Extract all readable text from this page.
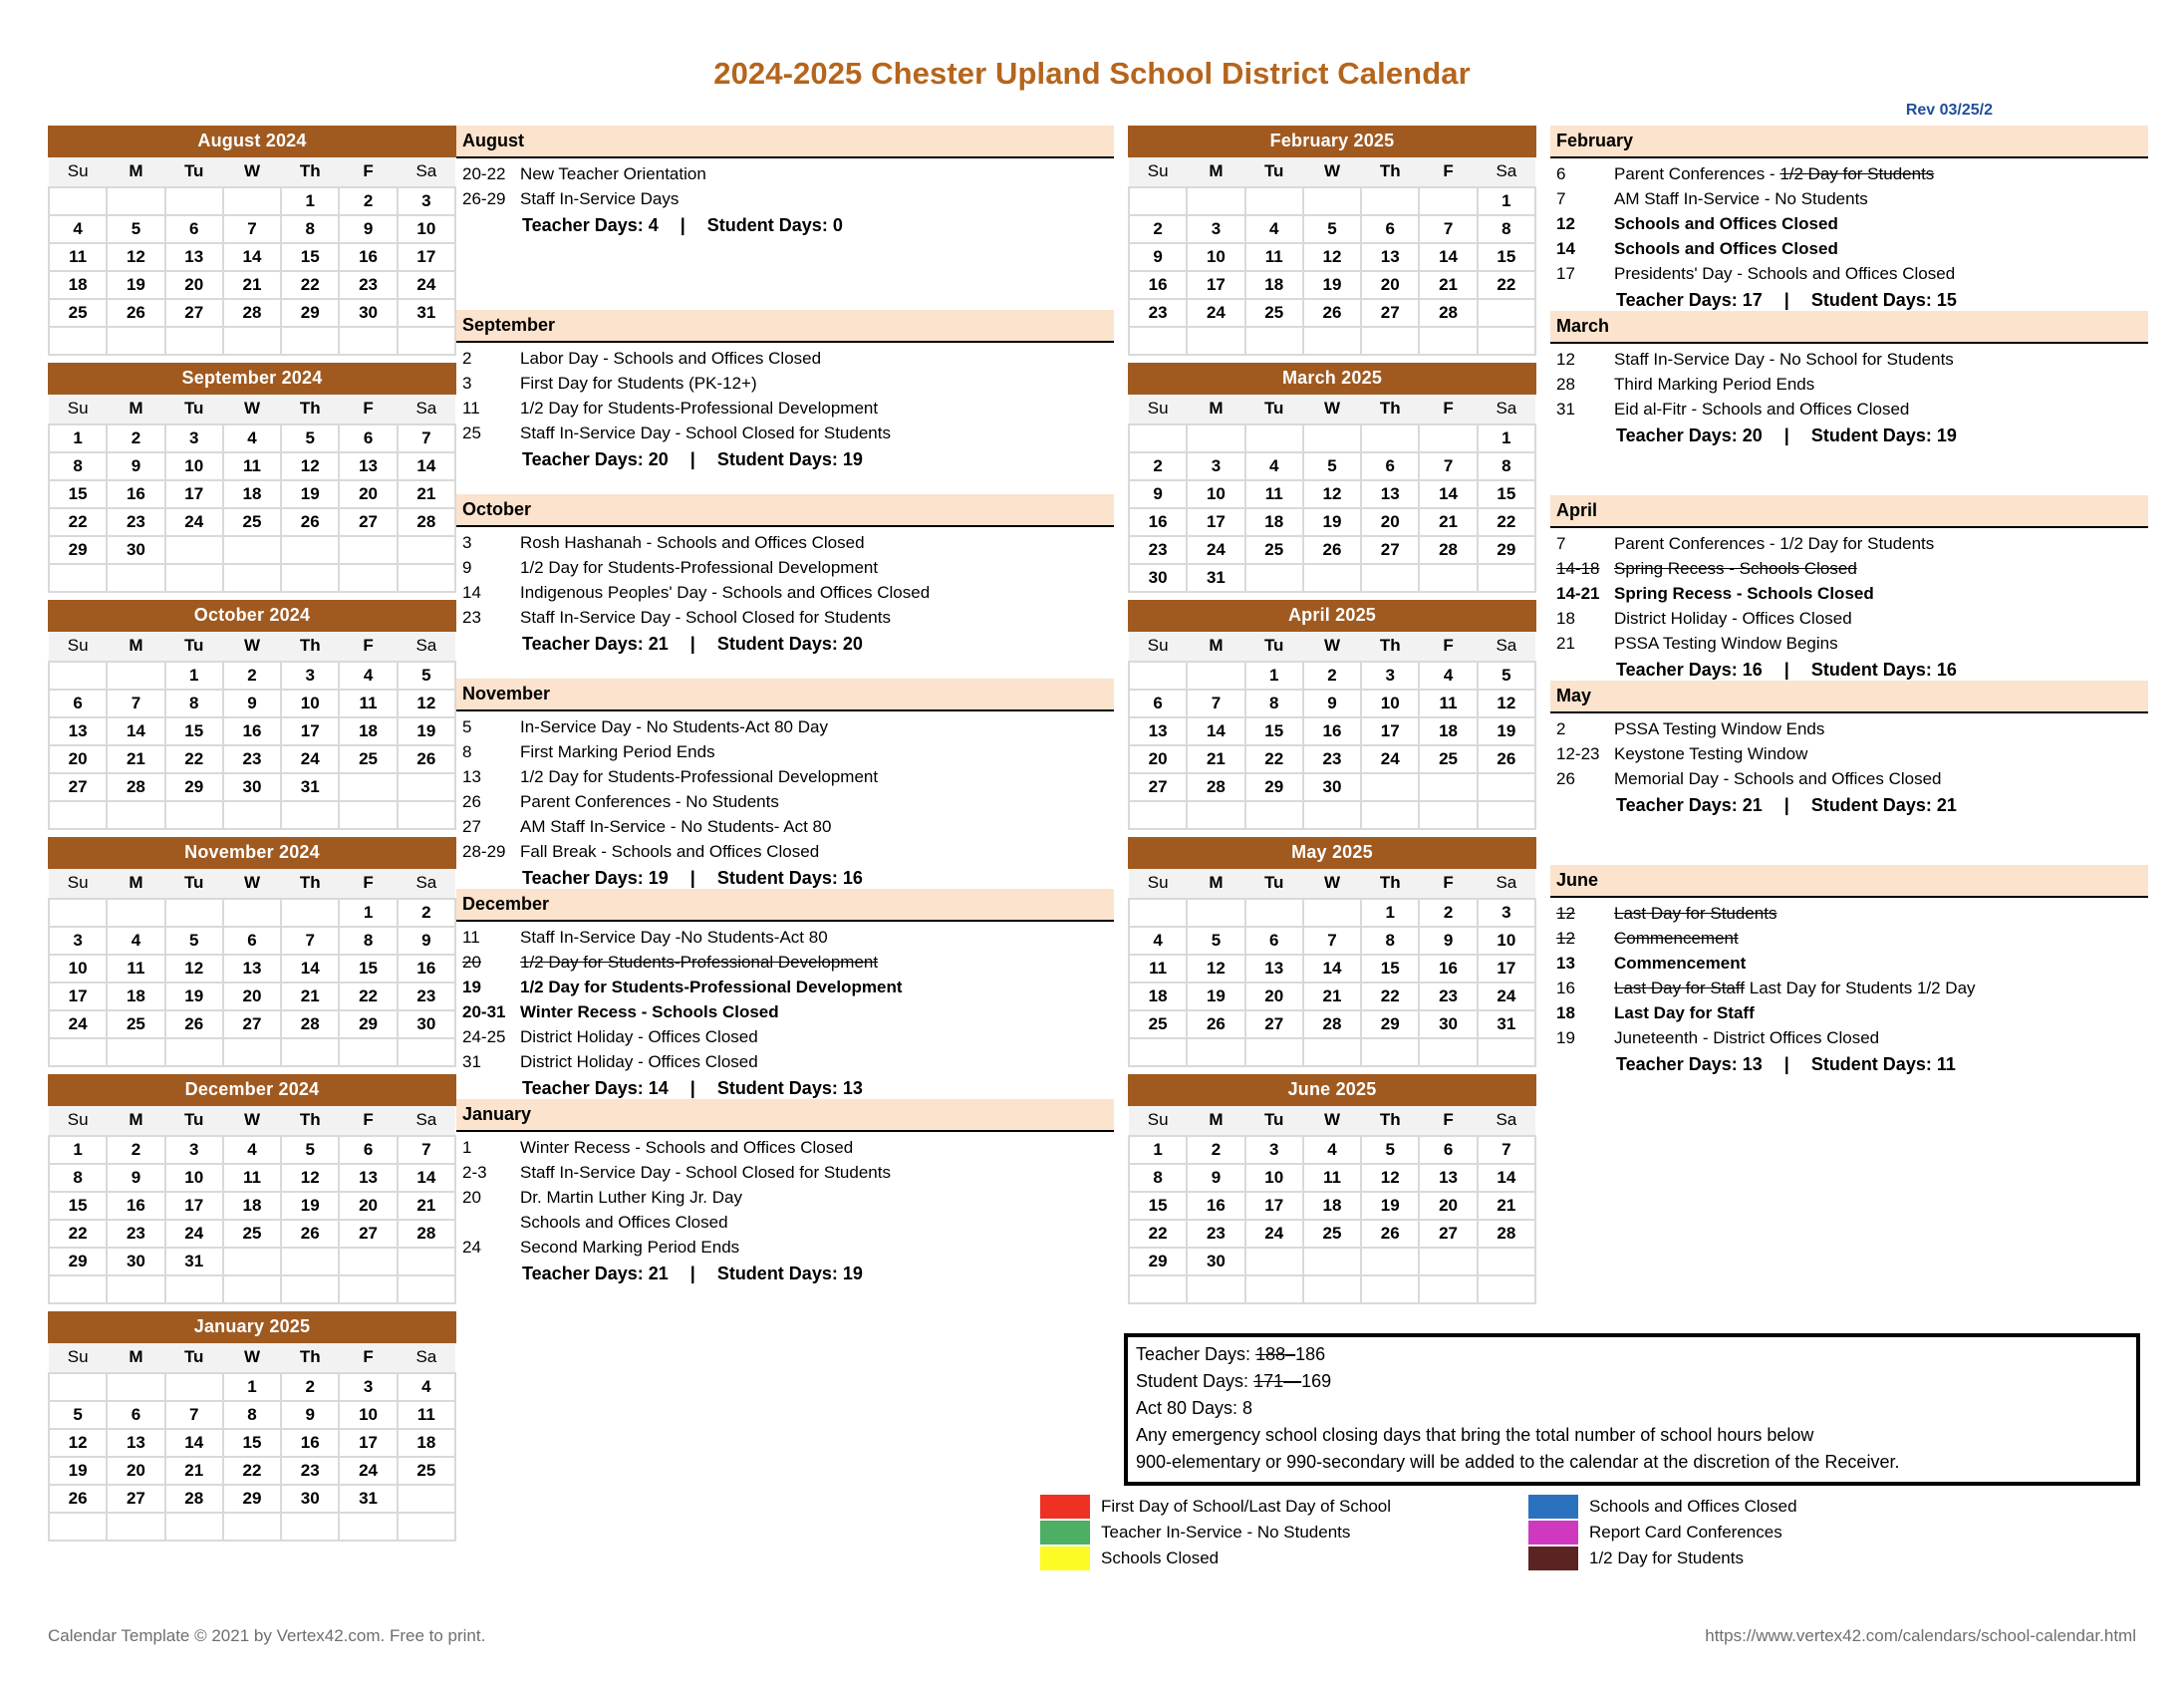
2024-2025 Chester Upland School District Calendar
Rev 03/25/2
August 2024
Su	M	Tu	W	Th	F	Sa
				1	2	3
4	5	6	7	8	9	10
11	12	13	14	15	16	17
18	19	20	21	22	23	24
25	26	27	28	29	30	31

September 2024
Su	M	Tu	W	Th	F	Sa
1	2	3	4	5	6	7
8	9	10	11	12	13	14
15	16	17	18	19	20	21
22	23	24	25	26	27	28
29	30					

October 2024
Su	M	Tu	W	Th	F	Sa
		1	2	3	4	5
6	7	8	9	10	11	12
13	14	15	16	17	18	19
20	21	22	23	24	25	26
27	28	29	30	31		

November 2024
Su	M	Tu	W	Th	F	Sa
					1	2
3	4	5	6	7	8	9
10	11	12	13	14	15	16
17	18	19	20	21	22	23
24	25	26	27	28	29	30

December 2024
Su	M	Tu	W	Th	F	Sa
1	2	3	4	5	6	7
8	9	10	11	12	13	14
15	16	17	18	19	20	21
22	23	24	25	26	27	28
29	30	31				

January 2025
Su	M	Tu	W	Th	F	Sa
			1	2	3	4
5	6	7	8	9	10	11
12	13	14	15	16	17	18
19	20	21	22	23	24	25
26	27	28	29	30	31	

August
20-22 New Teacher Orientation
26-29 Staff In-Service Days
Teacher Days: 4	|	Student Days: 0
September
2	Labor Day - Schools and Offices Closed
3	First Day for Students (PK-12+)
11	1/2 Day for Students-Professional Development
25	Staff In-Service Day - School Closed for Students
Teacher Days: 20	|	Student Days: 19
October
3	Rosh Hashanah - Schools and Offices Closed
9	1/2 Day for Students-Professional Development
14	Indigenous Peoples' Day - Schools and Offices Closed
23	Staff In-Service Day - School Closed for Students
Teacher Days: 21	|	Student Days: 20
November
5	In-Service Day - No Students-Act 80 Day
8	First Marking Period Ends
13	1/2 Day for Students-Professional Development
26	Parent Conferences - No Students
27	AM Staff In-Service - No Students- Act 80
28-29 Fall Break - Schools and Offices Closed
Teacher Days: 19	|	Student Days: 16
December
11	Staff In-Service Day -No Students-Act 80
20	1/2 Day for Students-Professional Development
19	1/2 Day for Students-Professional Development
20-31 Winter Recess - Schools Closed
24-25 District Holiday - Offices Closed
31	District Holiday - Offices Closed
Teacher Days: 14	|	Student Days: 13
January
1	Winter Recess - Schools and Offices Closed
2-3	Staff In-Service Day - School Closed for Students
20	Dr. Martin Luther King Jr. Day
Schools and Offices Closed
24	Second Marking Period Ends
Teacher Days: 21	|	Student Days: 19
February 2025
Su	M	Tu	W	Th	F	Sa
						1
2	3	4	5	6	7	8
9	10	11	12	13	14	15
16	17	18	19	20	21	22
23	24	25	26	27	28	

March 2025
Su	M	Tu	W	Th	F	Sa
						1
2	3	4	5	6	7	8
9	10	11	12	13	14	15
16	17	18	19	20	21	22
23	24	25	26	27	28	29
30	31					
April 2025
Su	M	Tu	W	Th	F	Sa
		1	2	3	4	5
6	7	8	9	10	11	12
13	14	15	16	17	18	19
20	21	22	23	24	25	26
27	28	29	30			

May 2025
Su	M	Tu	W	Th	F	Sa
				1	2	3
4	5	6	7	8	9	10
11	12	13	14	15	16	17
18	19	20	21	22	23	24
25	26	27	28	29	30	31

June 2025
Su	M	Tu	W	Th	F	Sa
1	2	3	4	5	6	7
8	9	10	11	12	13	14
15	16	17	18	19	20	21
22	23	24	25	26	27	28
29	30					

February
6	Parent Conferences - 1/2 Day for Students
7	AM Staff In-Service - No Students
12	Schools and Offices Closed
14	Schools and Offices Closed
17	Presidents' Day - Schools and Offices Closed
Teacher Days: 17	|	Student Days: 15
March
12	Staff In-Service Day - No School for Students
28	Third Marking Period Ends
31	Eid al-Fitr - Schools and Offices Closed
Teacher Days: 20	|	Student Days: 19
April
7	Parent Conferences - 1/2 Day for Students
14-18 Spring Recess - Schools Closed
14-21 Spring Recess - Schools Closed
18	District Holiday - Offices Closed
21	PSSA Testing Window Begins
Teacher Days: 16	|	Student Days: 16
May
2	PSSA Testing Window Ends
12-23 Keystone Testing Window
26	Memorial Day - Schools and Offices Closed
Teacher Days: 21	|	Student Days: 21
June
12	Last Day for Students
12	Commencement
13	Commencement
16	Last Day for Staff Last Day for Students 1/2 Day
18	Last Day for Staff
19	Juneteenth - District Offices Closed
Teacher Days: 13	|	Student Days: 11
Teacher Days: 188–186
Student Days: 171—169
Act 80 Days: 8
Any emergency school closing days that bring the total number of school hours below
900-elementary or 990-secondary will be added to the calendar at the discretion of the Receiver.
First Day of School/Last Day of School
Teacher In-Service - No Students
Schools Closed
Schools and Offices Closed
Report Card Conferences
1/2 Day for Students
Calendar Template © 2021 by Vertex42.com. Free to print.	https://www.vertex42.com/calendars/school-calendar.html
